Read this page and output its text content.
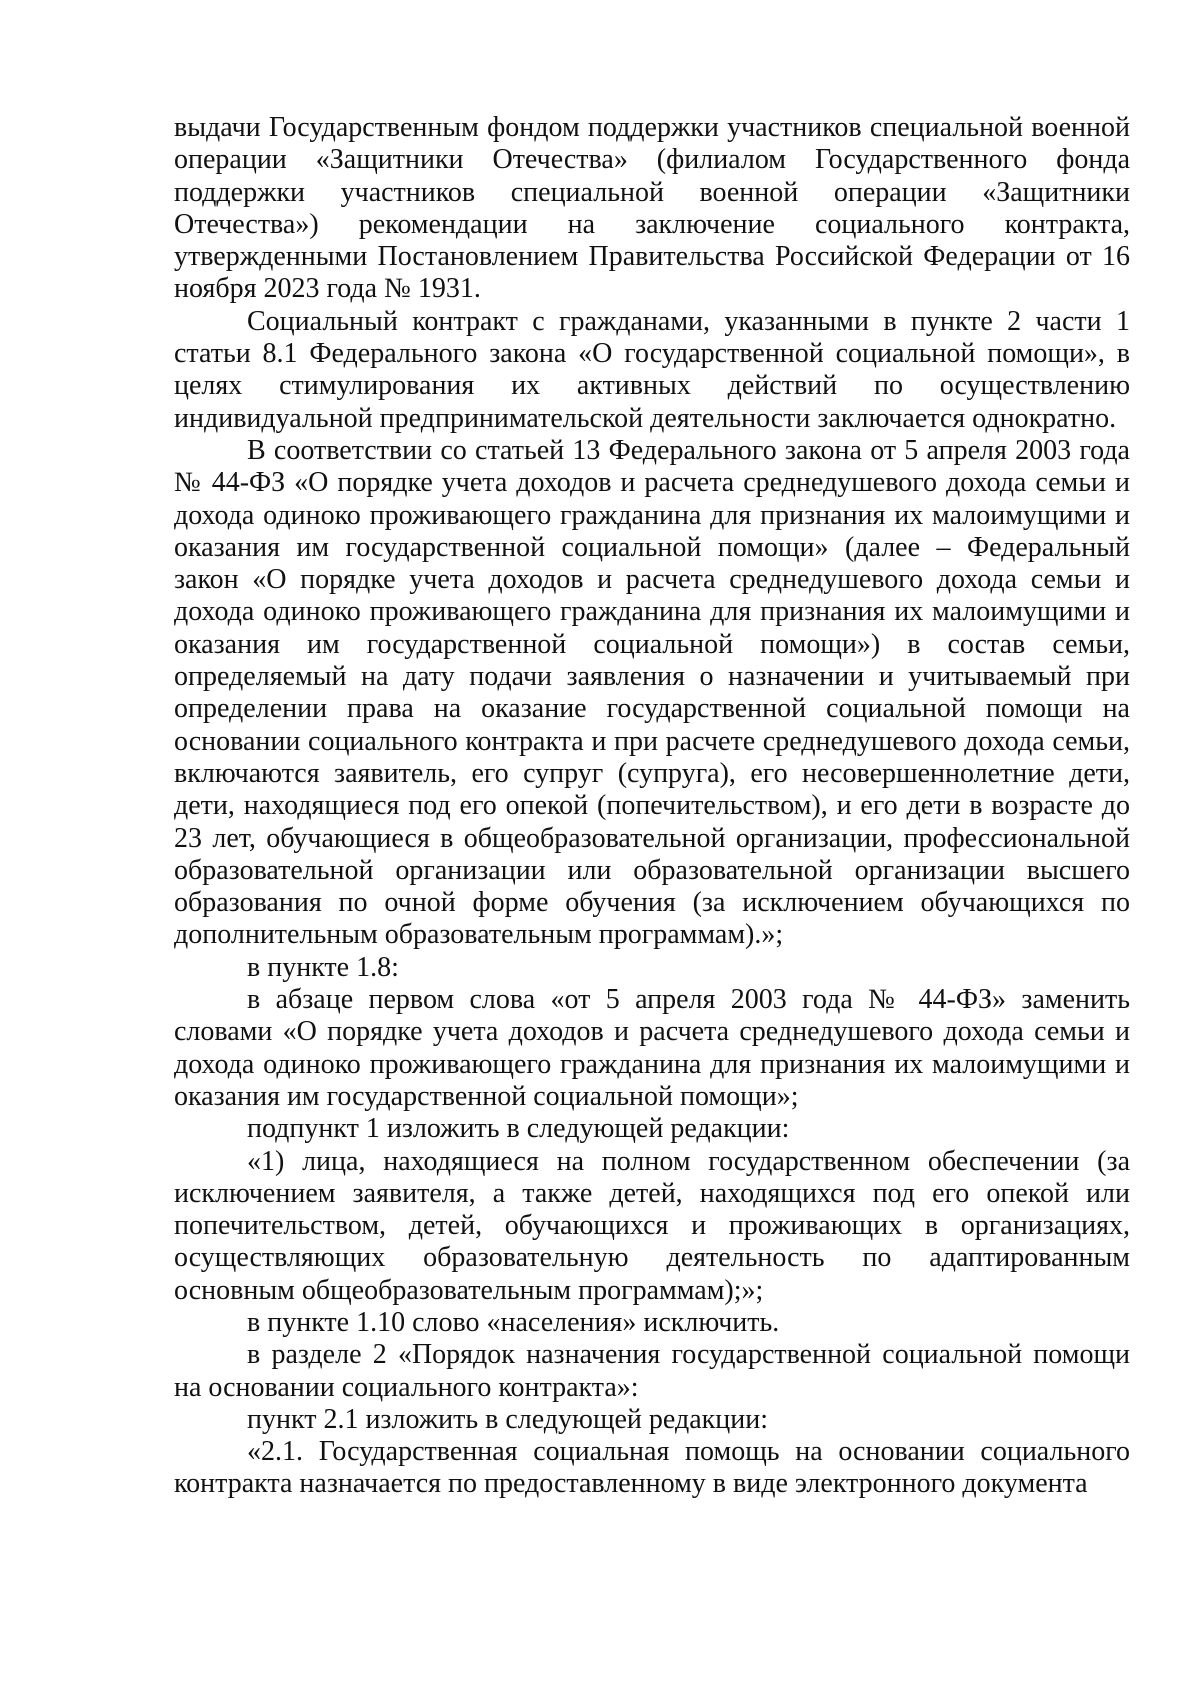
выдачи Государственным фондом поддержки участников специальной военной операции «Защитники Отечества» (филиалом Государственного фонда поддержки участников специальной военной операции «Защитники Отечества») рекомендации на заключение социального контракта, утвержденными Постановлением Правительства Российской Федерации от 16 ноября 2023 года № 1931.

Социальный контракт с гражданами, указанными в пункте 2 части 1 статьи 8.1 Федерального закона «О государственной социальной помощи», в целях стимулирования их активных действий по осуществлению индивидуальной предпринимательской деятельности заключается однократно.

В соответствии со статьей 13 Федерального закона от 5 апреля 2003 года № 44-ФЗ «О порядке учета доходов и расчета среднедушевого дохода семьи и дохода одиноко проживающего гражданина для признания их малоимущими и оказания им государственной социальной помощи» (далее – Федеральный закон «О порядке учета доходов и расчета среднедушевого дохода семьи и дохода одиноко проживающего гражданина для признания их малоимущими и оказания им государственной социальной помощи») в состав семьи, определяемый на дату подачи заявления о назначении и учитываемый при определении права на оказание государственной социальной помощи на основании социального контракта и при расчете среднедушевого дохода семьи, включаются заявитель, его супруг (супруга), его несовершеннолетние дети, дети, находящиеся под его опекой (попечительством), и его дети в возрасте до 23 лет, обучающиеся в общеобразовательной организации, профессиональной образовательной организации или образовательной организации высшего образования по очной форме обучения (за исключением обучающихся по дополнительным образовательным программам).»;

в пункте 1.8:

в абзаце первом слова «от 5 апреля 2003 года № 44-ФЗ» заменить словами «О порядке учета доходов и расчета среднедушевого дохода семьи и дохода одиноко проживающего гражданина для признания их малоимущими и оказания им государственной социальной помощи»;

подпункт 1 изложить в следующей редакции:

«1) лица, находящиеся на полном государственном обеспечении (за исключением заявителя, а также детей, находящихся под его опекой или попечительством, детей, обучающихся и проживающих в организациях, осуществляющих образовательную деятельность по адаптированным основным общеобразовательным программам);»;

в пункте 1.10 слово «населения» исключить.

в разделе 2 «Порядок назначения государственной социальной помощи на основании социального контракта»:

пункт 2.1 изложить в следующей редакции:

«2.1. Государственная социальная помощь на основании социального контракта назначается по предоставленному в виде электронного документа
